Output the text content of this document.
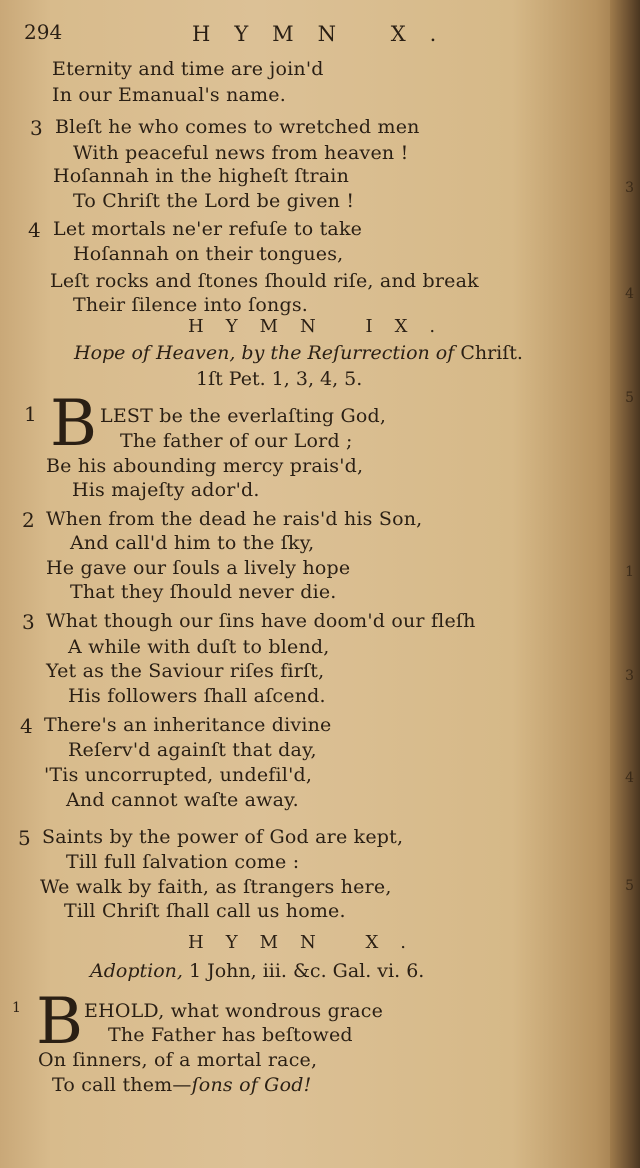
294	HYMN X.
Eternity and time are join'd
In our Emanual's name.
3 Bleſt he who comes to wretched men
With peaceful news from heaven !
Hoſannah in the higheſt ſtrain
To Chriſt the Lord be given !
4 Let mortals ne'er refuſe to take
Hoſannah on their tongues,
Leſt rocks and ſtones ſhould riſe, and break
Their ſilence into ſongs.
HYMN IX.
Hope of Heaven, by the Reſurrection of Chriſt.
1ſt Pet. 1, 3, 4, 5.
1 B LEST be the everlaſting God,
The father of our Lord ;
Be his abounding mercy prais'd,
His majeſty ador'd.
2 When from the dead he rais'd his Son,
And call'd him to the ſky,
He gave our ſouls a lively hope
That they ſhould never die.
3 What though our ſins have doom'd our fleſh
A while with duſt to blend,
Yet as the Saviour riſes firſt,
His followers ſhall aſcend.
4 There's an inheritance divine
Reſerv'd againſt that day,
'Tis uncorrupted, undefil'd,
And cannot waſte away.
5 Saints by the power of God are kept,
Till full ſalvation come :
We walk by faith, as ſtrangers here,
Till Chriſt ſhall call us home.
HYMN X.
Adoption, 1 John, iii. &c. Gal. vi. 6.
1 B EHOLD, what wondrous grace
The Father has beſtowed
On ſinners, of a mortal race,
To call them—ſons of God!
3
4
5
1
3
4
5
